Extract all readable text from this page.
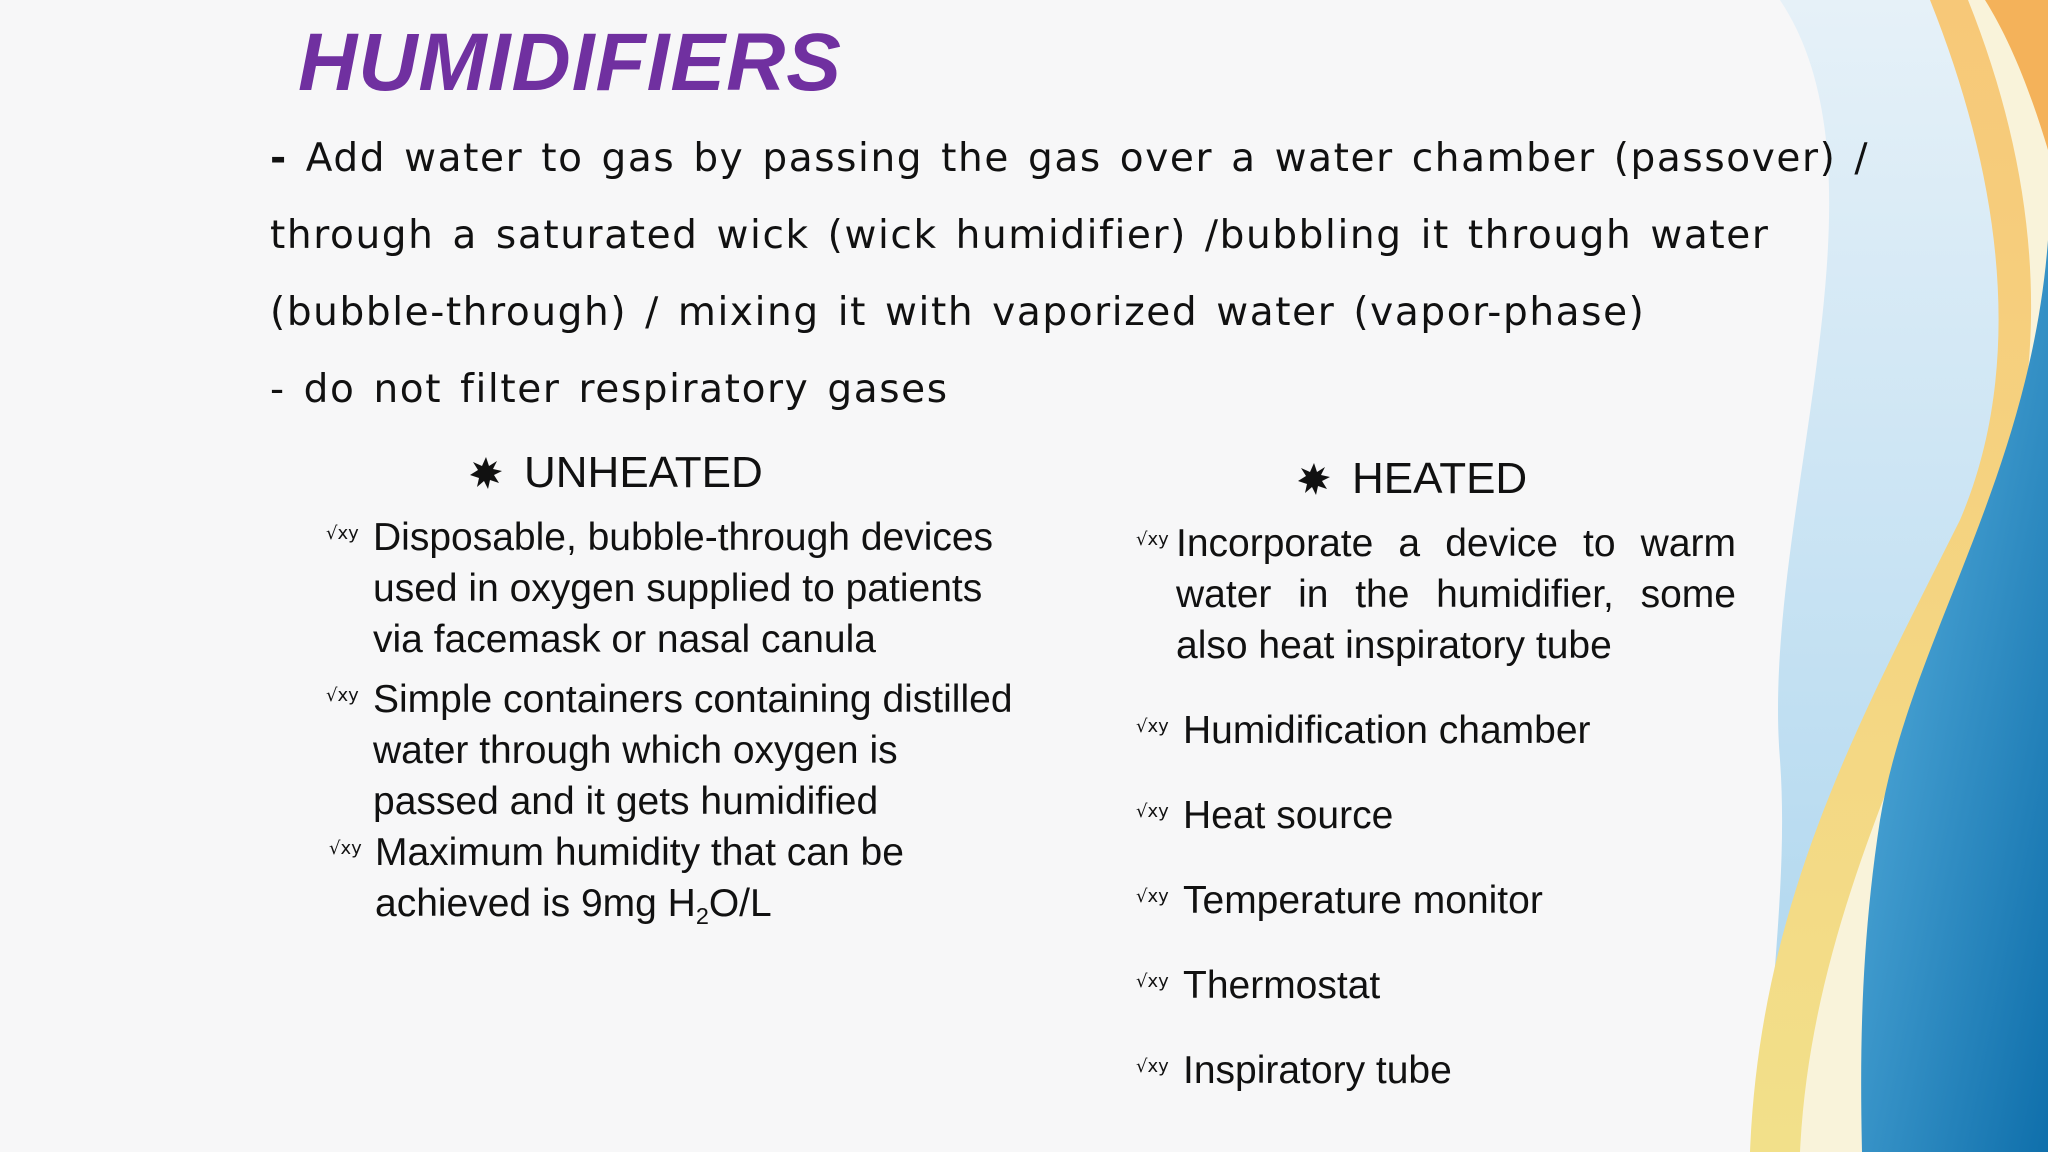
HUMIDIFIERS

- Add water to gas by passing the gas over a water chamber (passover) /

through a saturated wick (wick humidifier) /bubbling it through water

(bubble-through) / mixing it with vaporized water (vapor-phase)

- do not filter respiratory gases

UNHEATED
√xy Disposable, bubble-through devices used in oxygen supplied to patients via facemask or nasal canula
√xy Simple containers containing distilled water through which oxygen is passed and it gets humidified
√xy Maximum humidity that can be achieved is 9mg $H_2O/L$
HEATED
√xy Incorporate a device to warm water in the humidifier, some also heat inspiratory tube
√xy Humidification chamber
√xy Heat source
√xy Temperature monitor
√xy Thermostat
√xy Inspiratory tube
